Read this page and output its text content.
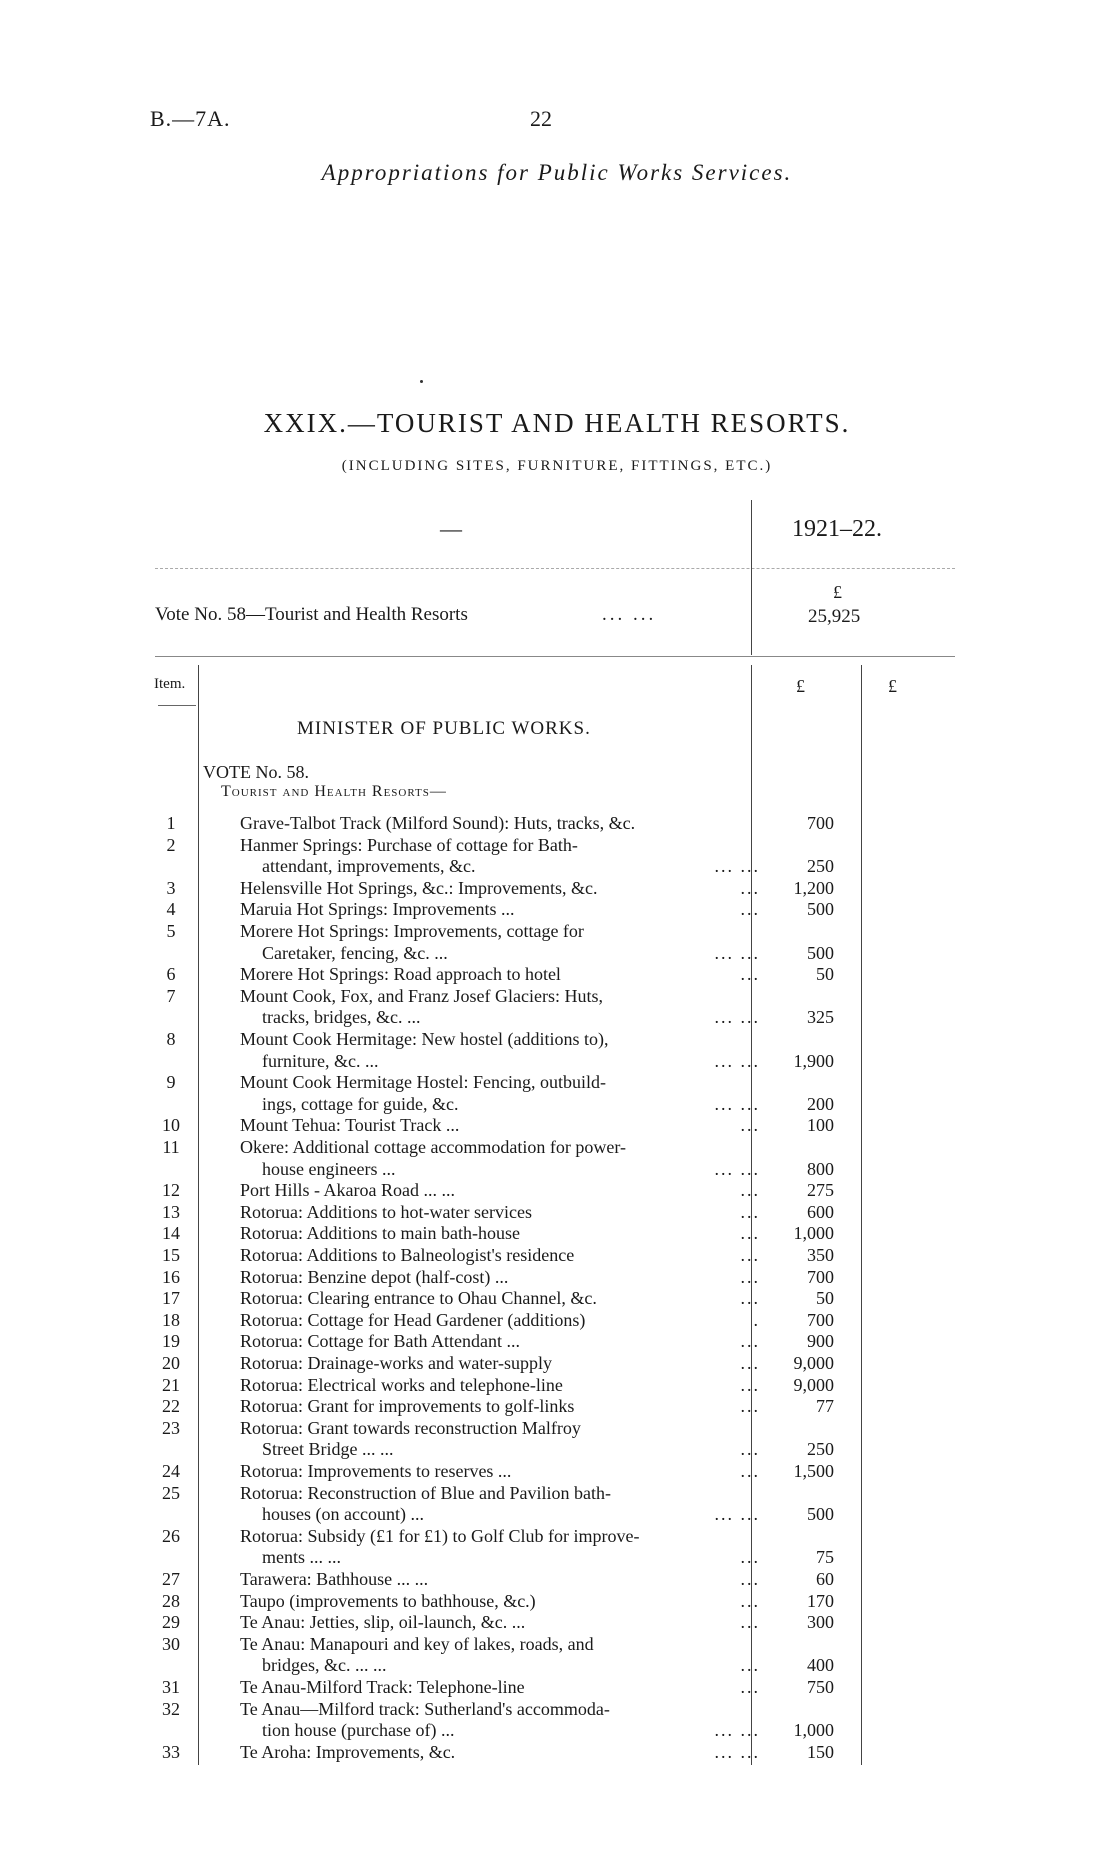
B.—7A.	22
Appropriations for Public Works Services.
XXIX.—TOURIST AND HEALTH RESORTS.
(INCLUDING SITES, FURNITURE, FITTINGS, ETC.)
—	1921–22.
Vote No. 58—Tourist and Health Resorts	... ...
£
25,925
Item.	£	£
MINISTER OF PUBLIC WORKS.
VOTE No. 58.
Tourist and Health Resorts—
1	Grave-Talbot Track (Milford Sound): Huts, tracks, &c.	700
2	Hanmer Springs: Purchase of cottage for Bath-
attendant, improvements, &c.	... ...	250
3	Helensville Hot Springs, &c.: Improvements, &c.	...	1,200
4	Maruia Hot Springs: Improvements ...	...	500
5	Morere Hot Springs: Improvements, cottage for
Caretaker, fencing, &c. ...	... ...	500
6	Morere Hot Springs: Road approach to hotel	...	50
7	Mount Cook, Fox, and Franz Josef Glaciers: Huts,
tracks, bridges, &c. ...	... ...	325
8	Mount Cook Hermitage: New hostel (additions to),
furniture, &c. ...	... ...	1,900
9	Mount Cook Hermitage Hostel: Fencing, outbuild-
ings, cottage for guide, &c.	... ...	200
10	Mount Tehua: Tourist Track ...	...	100
11	Okere: Additional cottage accommodation for power-
house engineers ...	... ...	800
12	Port Hills - Akaroa Road ... ...	...	275
13	Rotorua: Additions to hot-water services	...	600
14	Rotorua: Additions to main bath-house	...	1,000
15	Rotorua: Additions to Balneologist's residence	...	350
16	Rotorua: Benzine depot (half-cost) ...	...	700
17	Rotorua: Clearing entrance to Ohau Channel, &c.	...	50
18	Rotorua: Cottage for Head Gardener (additions)	.	700
19	Rotorua: Cottage for Bath Attendant ...	...	900
20	Rotorua: Drainage-works and water-supply	...	9,000
21	Rotorua: Electrical works and telephone-line	...	9,000
22	Rotorua: Grant for improvements to golf-links	...	77
23	Rotorua: Grant towards reconstruction Malfroy
Street Bridge ... ...	...	250
24	Rotorua: Improvements to reserves ...	...	1,500
25	Rotorua: Reconstruction of Blue and Pavilion bath-
houses (on account) ...	... ...	500
26	Rotorua: Subsidy (£1 for £1) to Golf Club for improve-
ments ... ...	...	75
27	Tarawera: Bathhouse ... ...	...	60
28	Taupo (improvements to bathhouse, &c.)	...	170
29	Te Anau: Jetties, slip, oil-launch, &c. ...	...	300
30	Te Anau: Manapouri and key of lakes, roads, and
bridges, &c. ... ...	...	400
31	Te Anau-Milford Track: Telephone-line	...	750
32	Te Anau—Milford track: Sutherland's accommoda-
tion house (purchase of) ...	... ...	1,000
33	Te Aroha: Improvements, &c.	... ...	150
